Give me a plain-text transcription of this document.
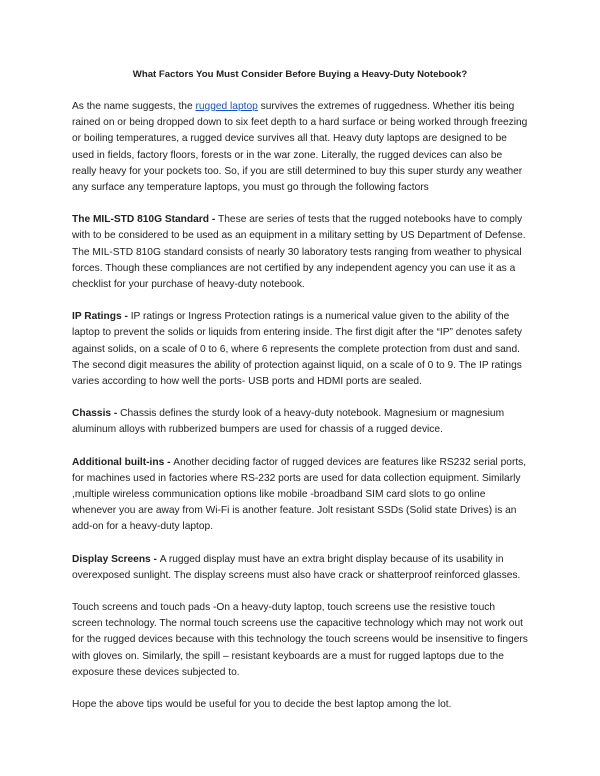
What Factors You Must Consider Before Buying a Heavy-Duty Notebook?

As the name suggests, the rugged laptop survives the extremes of ruggedness. Whether itis being rained on or being dropped down to six feet depth to a hard surface or being worked through freezing or boiling temperatures, a rugged device survives all that. Heavy duty laptops are designed to be used in fields, factory floors, forests or in the war zone. Literally, the rugged devices can also be really heavy for your pockets too. So, if you are still determined to buy this super sturdy any weather any surface any temperature laptops, you must go through the following factors

The MIL-STD 810G Standard - These are series of tests that the rugged notebooks have to comply with to be considered to be used as an equipment in a military setting by US Department of Defense. The MIL-STD 810G standard consists of nearly 30 laboratory tests ranging from weather to physical forces. Though these compliances are not certified by any independent agency you can use it as a checklist for your purchase of heavy-duty notebook.

IP Ratings - IP ratings or Ingress Protection ratings is a numerical value given to the ability of the laptop to prevent the solids or liquids from entering inside. The first digit after the “IP” denotes safety against solids, on a scale of 0 to 6, where 6 represents the complete protection from dust and sand. The second digit measures the ability of protection against liquid, on a scale of 0 to 9. The IP ratings varies according to how well the ports- USB ports and HDMI ports are sealed.

Chassis - Chassis defines the sturdy look of a heavy-duty notebook. Magnesium or magnesium aluminum alloys with rubberized bumpers are used for chassis of a rugged device.

Additional built-ins - Another deciding factor of rugged devices are features like RS232 serial ports, for machines used in factories where RS-232 ports are used for data collection equipment. Similarly ,multiple wireless communication options like mobile -broadband SIM card slots to go online whenever you are away from Wi-Fi is another feature. Jolt resistant SSDs (Solid state Drives) is an add-on for a heavy-duty laptop.

Display Screens - A rugged display must have an extra bright display because of its usability in overexposed sunlight. The display screens must also have crack or shatterproof reinforced glasses.

Touch screens and touch pads -On a heavy-duty laptop, touch screens use the resistive touch screen technology. The normal touch screens use the capacitive technology which may not work out for the rugged devices because with this technology the touch screens would be insensitive to fingers with gloves on. Similarly, the spill – resistant keyboards are a must for rugged laptops due to the exposure these devices subjected to.

Hope the above tips would be useful for you to decide the best laptop among the lot.
